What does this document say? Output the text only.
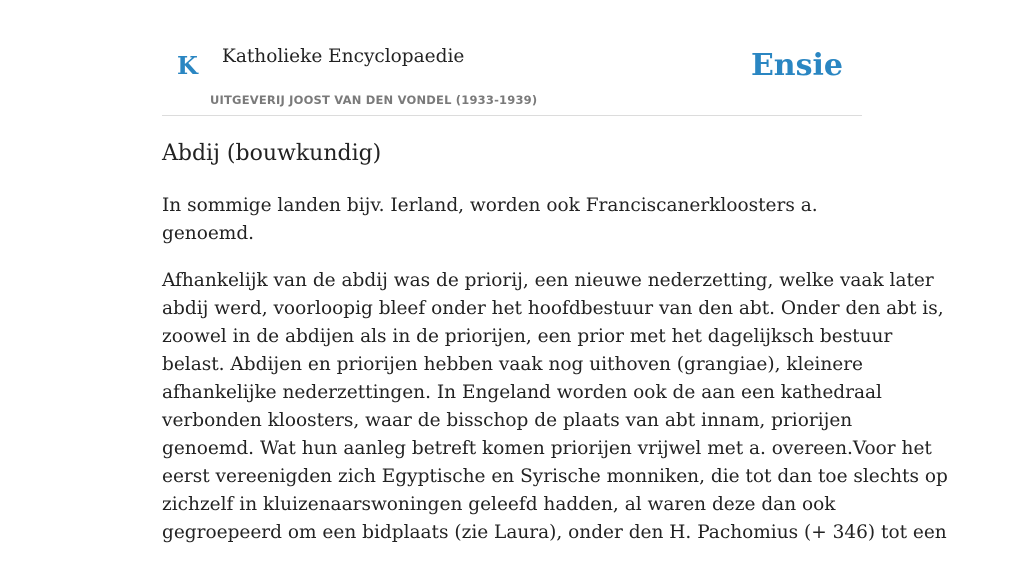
K Katholieke Encyclopaedie
UITGEVERIJ JOOST VAN DEN VONDEL (1933-1939)
Ensie
Abdij (bouwkundig)

In sommige landen bijv. Ierland, worden ook Franciscanerkloosters a. genoemd.

Afhankelijk van de abdij was de priorij, een nieuwe nederzetting, welke vaak later
abdij werd, voorloopig bleef onder het hoofdbestuur van den abt. Onder den abt is,
zoowel in de abdijen als in de priorijen, een prior met het dagelijksch bestuur
belast. Abdijen en priorijen hebben vaak nog uithoven (grangiae), kleinere
afhankelijke nederzettingen. In Engeland worden ook de aan een kathedraal
verbonden kloosters, waar de bisschop de plaats van abt innam, priorijen
genoemd. Wat hun aanleg betreft komen priorijen vrijwel met a. overeen.Voor het
eerst vereenigden zich Egyptische en Syrische monniken, die tot dan toe slechts op
zichzelf in kluizenaarswoningen geleefd hadden, al waren deze dan ook
gegroepeerd om een bidplaats (zie Laura), onder den H. Pachomius (+ 346) tot een
